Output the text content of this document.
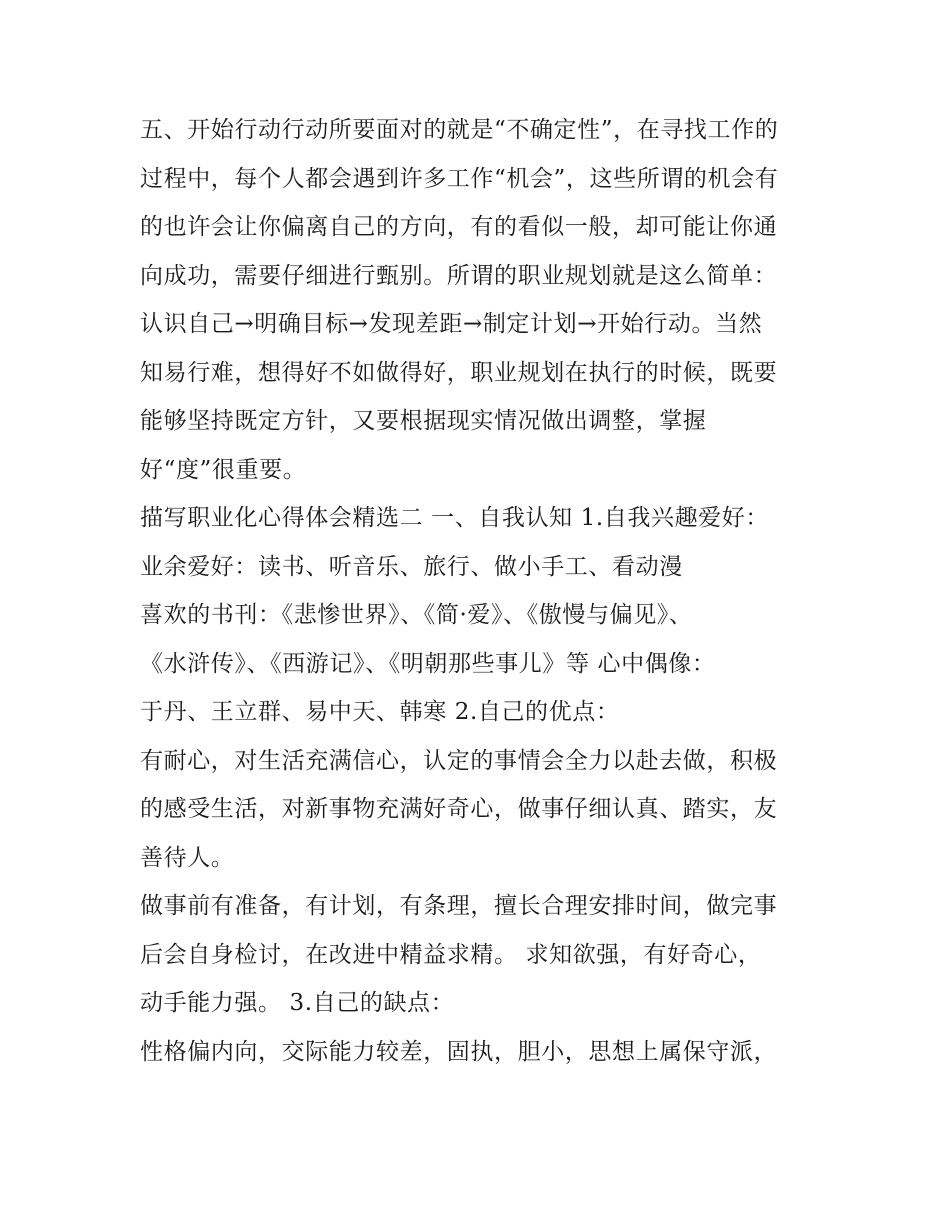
五、开始行动行动所要面对的就是“不确定性”，在寻找工作的
过程中，每个人都会遇到许多工作“机会”，这些所谓的机会有
的也许会让你偏离自己的方向，有的看似一般，却可能让你通
向成功，需要仔细进行甄别。所谓的职业规划就是这么简单：
认识自己→明确目标→发现差距→制定计划→开始行动。当然
知易行难，想得好不如做得好，职业规划在执行的时候，既要
能够坚持既定方针，又要根据现实情况做出调整，掌握
好“度”很重要。
描写职业化心得体会精选二 一、自我认知 1.自我兴趣爱好：
业余爱好：读书、听音乐、旅行、做小手工、看动漫
喜欢的书刊：《悲惨世界》、《简·爱》、《傲慢与偏见》、
《水浒传》、《西游记》、《明朝那些事儿》等 心中偶像：
于丹、王立群、易中天、韩寒 2.自己的优点：
有耐心，对生活充满信心，认定的事情会全力以赴去做，积极
的感受生活，对新事物充满好奇心，做事仔细认真、踏实，友
善待人。
做事前有准备，有计划，有条理，擅长合理安排时间，做完事
后会自身检讨，在改进中精益求精。 求知欲强，有好奇心，
动手能力强。 3.自己的缺点：
性格偏内向，交际能力较差，固执，胆小，思想上属保守派，
